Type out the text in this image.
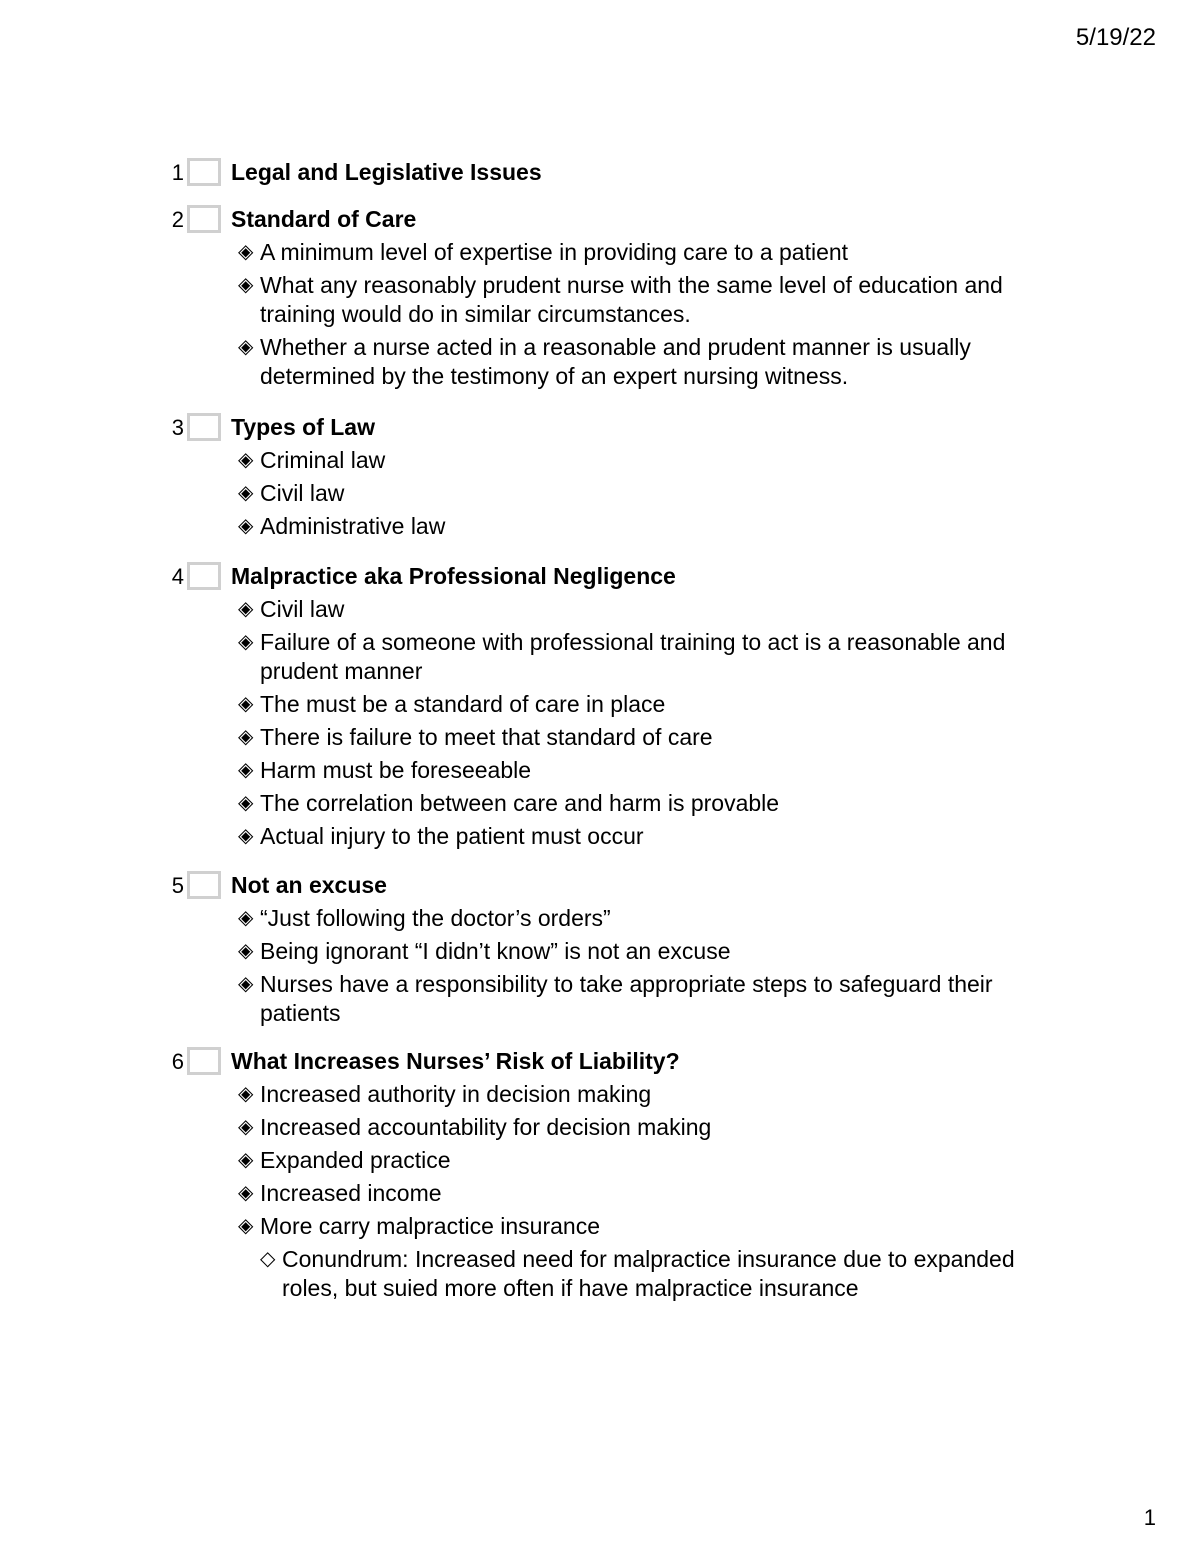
5/19/22
1 Legal and Legislative Issues
2 Standard of Care
◈ A minimum level of expertise in providing care to a patient
◈ What any reasonably prudent nurse with the same level of education and training would do in similar circumstances.
◈ Whether a nurse acted in a reasonable and prudent manner is usually determined by the testimony of an expert nursing witness.
3 Types of Law
◈ Criminal law
◈ Civil law
◈ Administrative law
4 Malpractice aka Professional Negligence
◈ Civil law
◈ Failure of a someone with professional training to act is a reasonable and prudent manner
◈ The must be a standard of care in place
◈ There is failure to meet that standard of care
◈ Harm must be foreseeable
◈ The correlation between care and harm is provable
◈ Actual injury to the patient must occur
5 Not an excuse
◈ “Just following the doctor’s orders”
◈ Being ignorant “I didn’t know” is not an excuse
◈ Nurses have a responsibility to take appropriate steps to safeguard their patients
6 What Increases Nurses’ Risk of Liability?
◈ Increased authority in decision making
◈ Increased accountability for decision making
◈ Expanded practice
◈ Increased income
◈ More carry malpractice insurance
◇ Conundrum: Increased need for malpractice insurance due to expanded roles, but suied more often if have malpractice insurance
1
